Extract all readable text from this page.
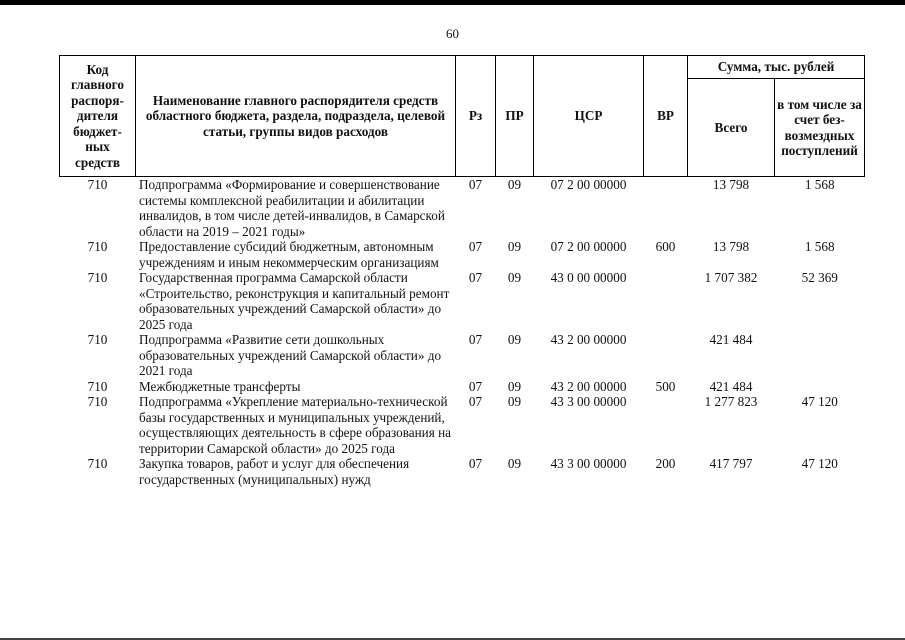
60
Код главного распоря-дителя бюджет-ных средств	Наименование главного распорядителя средств областного бюджета, раздела, подраздела, целевой статьи, группы видов расходов	Рз	ПР	ЦСР	ВР	Сумма, тыс. рублей	
						Всего	в том числе за счет без-возмездных поступлений
710	Подпрограмма «Формирование и совершенствование системы комплексной реабилитации и абилитации инвалидов, в том числе детей-инвалидов, в Самарской области на 2019 – 2021 годы»	07	09	07 2 00 00000		13 798	1 568
710	Предоставление субсидий бюджетным, автономным учреждениям и иным некоммерческим организациям	07	09	07 2 00 00000	600	13 798	1 568
710	Государственная программа Самарской области «Строительство, реконструкция и капитальный ремонт образовательных учреждений Самарской области» до 2025 года	07	09	43 0 00 00000		1 707 382	52 369
710	Подпрограмма «Развитие сети дошкольных образовательных учреждений Самарской области» до 2021 года	07	09	43 2 00 00000		421 484	
710	Межбюджетные трансферты	07	09	43 2 00 00000	500	421 484	
710	Подпрограмма «Укрепление материально-технической базы государственных и муниципальных учреждений, осуществляющих деятельность в сфере образования на территории Самарской области» до 2025 года	07	09	43 3 00 00000		1 277 823	47 120
710	Закупка товаров, работ и услуг для обеспечения государственных (муниципальных) нужд	07	09	43 3 00 00000	200	417 797	47 120
